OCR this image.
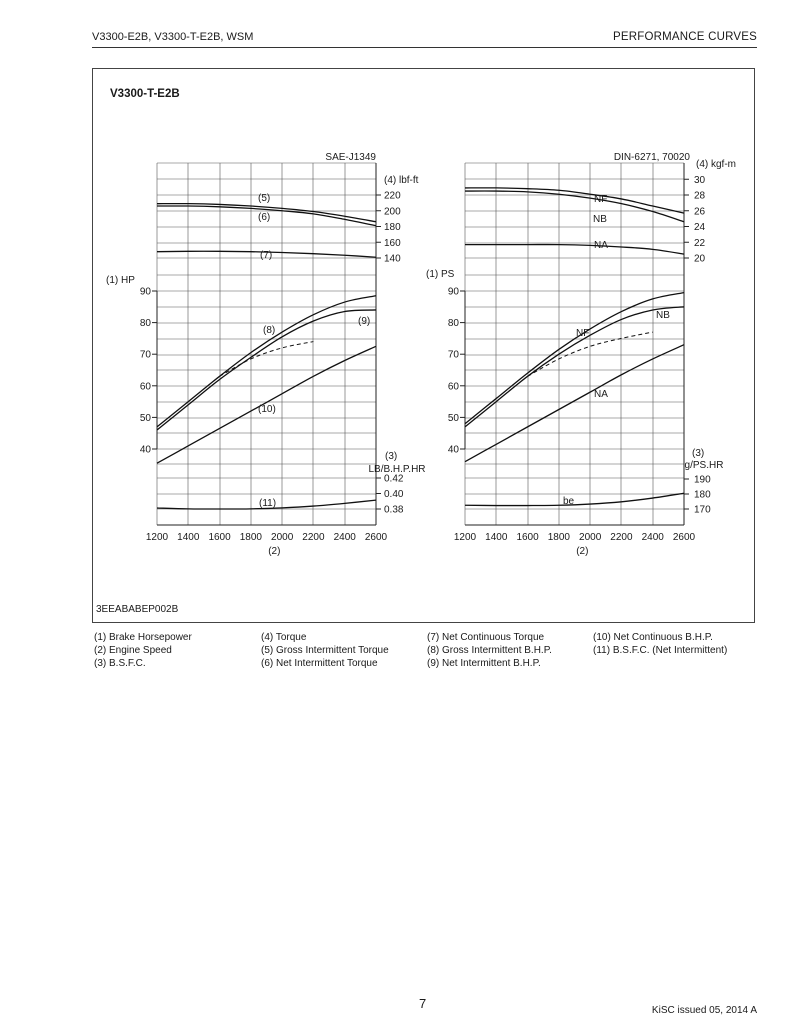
V3300-E2B, V3300-T-E2B, WSM	PERFORMANCE CURVES
V3300-T-E2B
3EEABABEP002B
SAE-J1349
(4) lbf-ft
220
200
180
160
140
(1) HP
90
80
70
60
50
40
(3)
LB/B.H.P.HR
0.42
0.40
0.38
1200 1400 1600 1800 2000 2200 2400 2600
(2)
(5)
(6)
(7)
(8)
(9)
(10)
(11)
DIN-6271, 70020
(4) kgf-m
30
28
26
24
22
20
(1) PS
90
80
70
60
50
40	(3)
g/PS.HR
190
180
170
1200 1400 1600 1800 2000 2200 2400 2600
(2)
NF
NB
NA
NB
NF
NA
be
(1) Brake Horsepower
(2) Engine Speed
(3) B.S.F.C.
(4) Torque
(5) Gross Intermittent Torque
(6) Net Intermittent Torque
(7) Net Continuous Torque
(8) Gross Intermittent B.H.P.
(9) Net Intermittent B.H.P.
(10) Net Continuous B.H.P.
(11) B.S.F.C. (Net Intermittent)
7	KiSC issued 05, 2014 A
